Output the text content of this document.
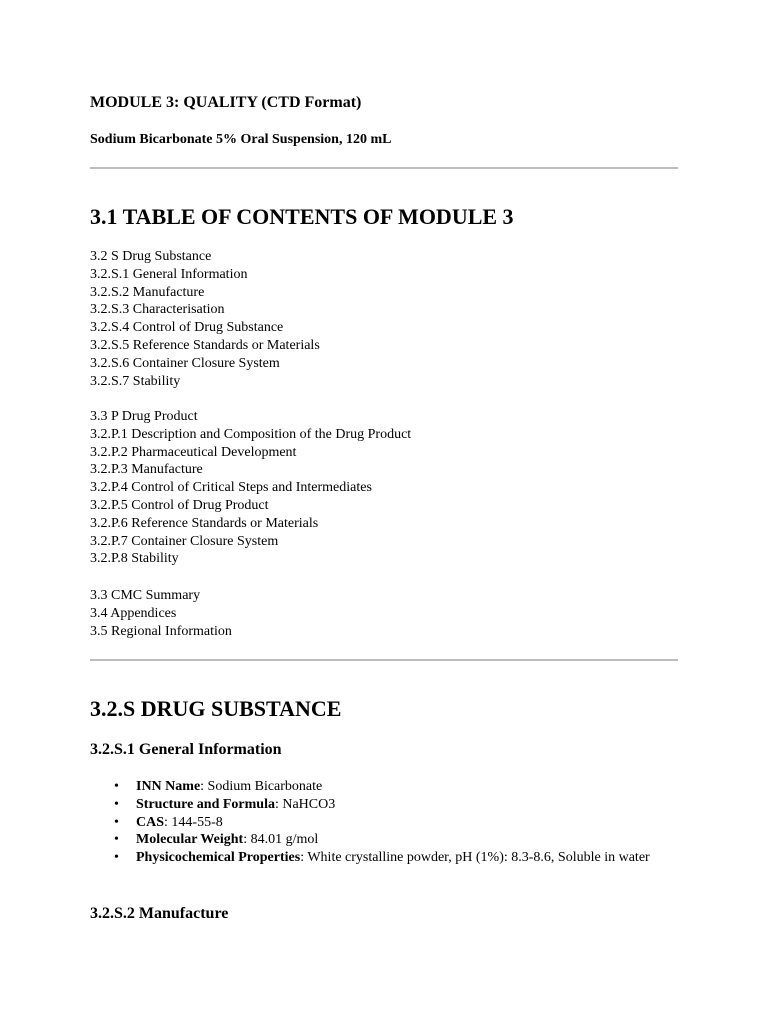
MODULE 3: QUALITY (CTD Format)
Sodium Bicarbonate 5% Oral Suspension, 120 mL
3.1 TABLE OF CONTENTS OF MODULE 3
3.2 S Drug Substance
3.2.S.1 General Information
3.2.S.2 Manufacture
3.2.S.3 Characterisation
3.2.S.4 Control of Drug Substance
3.2.S.5 Reference Standards or Materials
3.2.S.6 Container Closure System
3.2.S.7 Stability
3.3 P Drug Product
3.2.P.1 Description and Composition of the Drug Product
3.2.P.2 Pharmaceutical Development
3.2.P.3 Manufacture
3.2.P.4 Control of Critical Steps and Intermediates
3.2.P.5 Control of Drug Product
3.2.P.6 Reference Standards or Materials
3.2.P.7 Container Closure System
3.2.P.8 Stability
3.3 CMC Summary
3.4 Appendices
3.5 Regional Information
3.2.S DRUG SUBSTANCE
3.2.S.1 General Information
• INN Name: Sodium Bicarbonate
• Structure and Formula: NaHCO3
• CAS: 144-55-8
• Molecular Weight: 84.01 g/mol
• Physicochemical Properties: White crystalline powder, pH (1%): 8.3-8.6, Soluble in water
3.2.S.2 Manufacture
